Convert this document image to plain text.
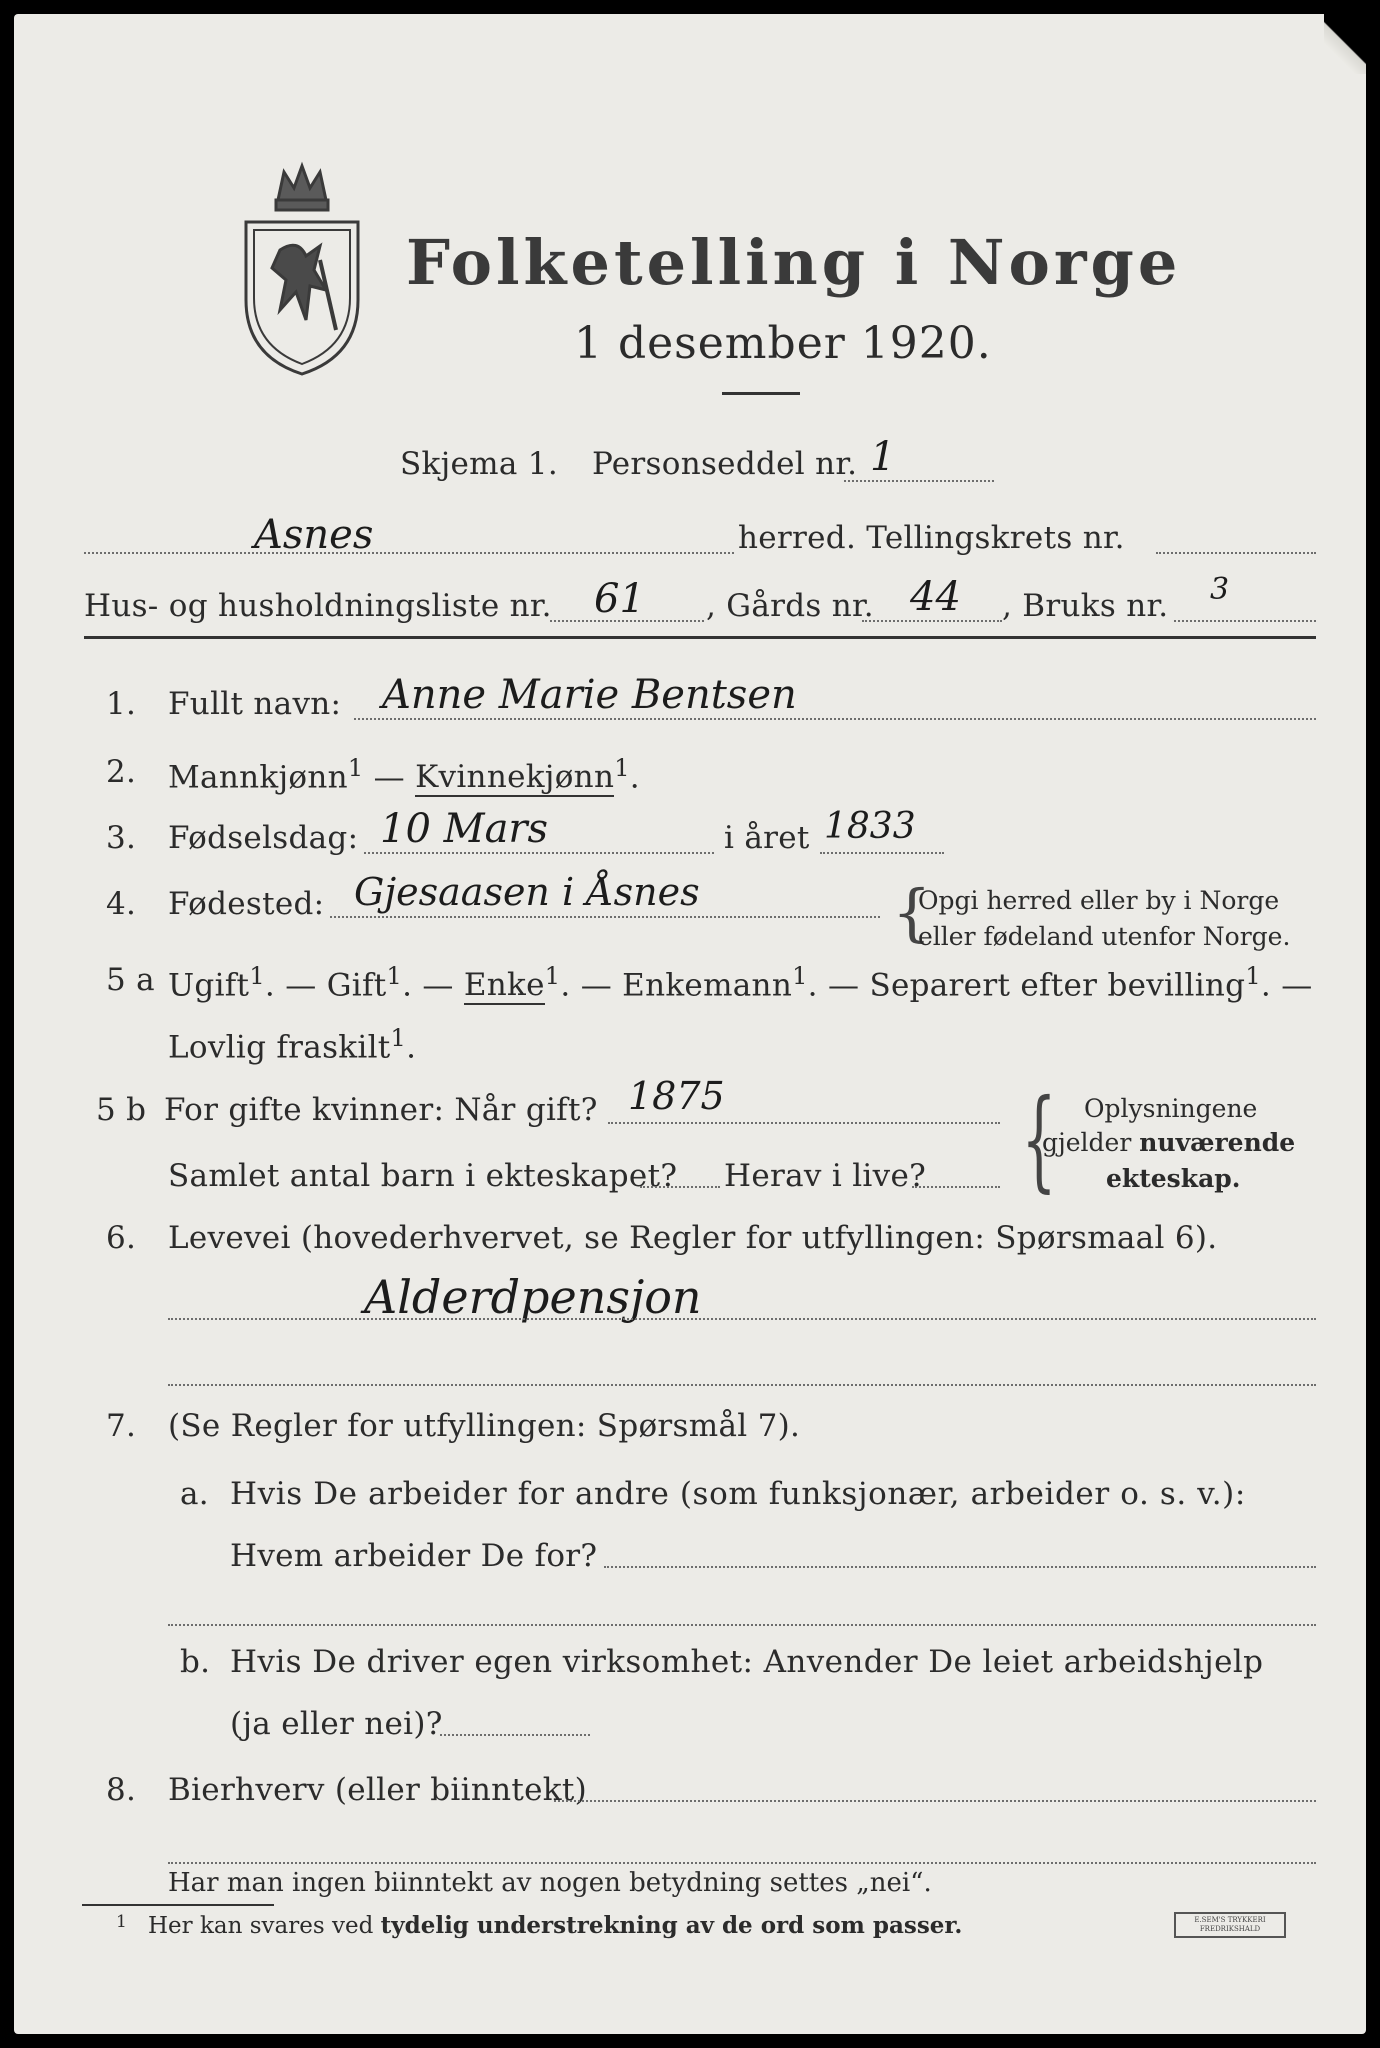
Folketelling i Norge
1 desember 1920.
Skjema 1. Personseddel nr. 1
Asnes	herred. Tellingskrets nr.
Hus- og husholdningsliste nr. 61 , Gårds nr. 44 , Bruks nr. 3
1. Fullt navn: Anne Marie Bentsen
2. Mannkjønn$^1$ — Kvinnekjønn$^1$.
3. Fødselsdag: 10 Mars	i året 1833
4. Fødested: Gjesaasen i Åsnes	{
Opgi herred eller by i Norge
eller fødeland utenfor Norge.
5 a Ugift$^1$. — Gift$^1$. — Enke$^1$. — Enkemann$^1$. — Separert efter bevilling$^1$. —
Lovlig fraskilt$^1$.
5 b For gifte kvinner: Når gift? 1875
Samlet antal barn i ekteskapet? Herav i live? { Oplysningene
gjelder nuværende
ekteskap.
6. Levevei (hovederhvervet, se Regler for utfyllingen: Spørsmaal 6).
Alderdpensjon
7. (Se Regler for utfyllingen: Spørsmål 7).
a. Hvis De arbeider for andre (som funksjonær, arbeider o. s. v.):
Hvem arbeider De for?
b. Hvis De driver egen virksomhet: Anvender De leiet arbeidshjelp
(ja eller nei)?
8. Bierhverv (eller biinntekt)
Har man ingen biinntekt av nogen betydning settes „nei“.
1 Her kan svares ved tydelig understrekning av de ord som passer.	E.SEM'S TRYKKERI
FREDRIKSHALD
